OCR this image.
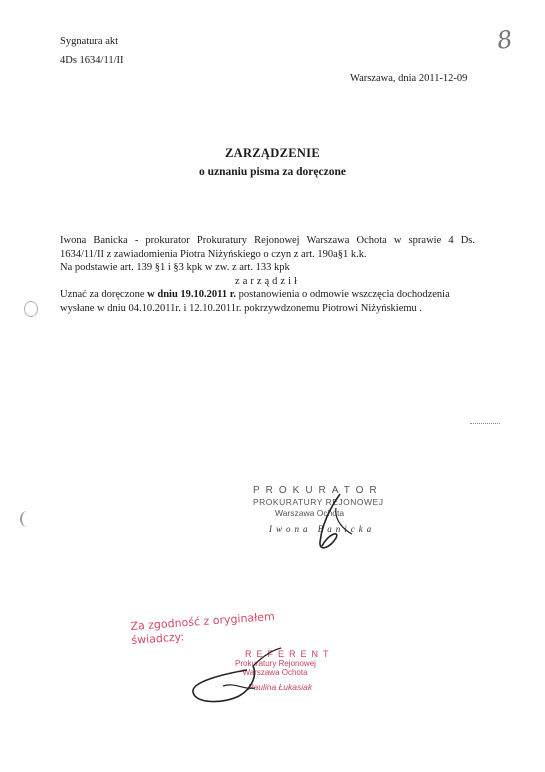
Sygnatura akt
4Ds 1634/11/II
Warszawa, dnia 2011-12-09
8
ZARZĄDZENIE
o uznaniu pisma za doręczone
Iwona Banicka - prokurator Prokuratury Rejonowej Warszawa Ochota w sprawie 4 Ds.
1634/11/II z zawiadomienia Piotra Niżyńskiego o czyn z art. 190a§1 k.k.
Na podstawie art. 139 §1 i §3 kpk w zw. z art. 133 kpk
zarządził
Uznać za doręczone w dniu 19.10.2011 r. postanowienia o odmowie wszczęcia dochodzenia
wysłane w dniu 04.10.2011r. i 12.10.2011r. pokrzywdzonemu Piotrowi Niżyńskiemu .
PROKURATOR
PROKURATURY REJONOWEJ
Warszawa Ochota
Iwona Banicka
Za zgodność z oryginałem
świadczy:
REFERENT
Prokuratury Rejonowej
Warszawa Ochota
Paulina Łukasiak
